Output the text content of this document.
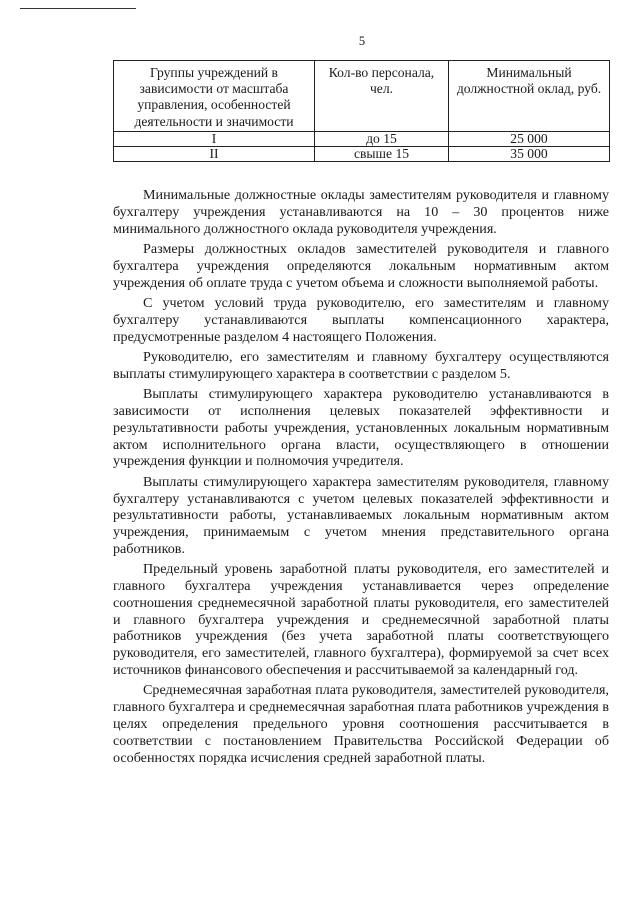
5
Группы учреждений в зависимости от масштаба управления, особенностей деятельности и значимости	Кол-во персонала, чел.	Минимальный должностной оклад, руб.
I	до 15	25 000
II	свыше 15	35 000

Минимальные должностные оклады заместителям руководителя и главному бухгалтеру учреждения устанавливаются на 10 – 30 процентов ниже минимального должностного оклада руководителя учреждения.

Размеры должностных окладов заместителей руководителя и главного бухгалтера учреждения определяются локальным нормативным актом учреждения об оплате труда с учетом объема и сложности выполняемой работы.

С учетом условий труда руководителю, его заместителям и главному бухгалтеру устанавливаются выплаты компенсационного характера, предусмотренные разделом 4 настоящего Положения.

Руководителю, его заместителям и главному бухгалтеру осуществляются выплаты стимулирующего характера в соответствии с разделом 5.

Выплаты стимулирующего характера руководителю устанавливаются в зависимости от исполнения целевых показателей эффективности и результативности работы учреждения, установленных локальным нормативным актом исполнительного органа власти, осуществляющего в отношении учреждения функции и полномочия учредителя.

Выплаты стимулирующего характера заместителям руководителя, главному бухгалтеру устанавливаются с учетом целевых показателей эффективности и результативности работы, устанавливаемых локальным нормативным актом учреждения, принимаемым с учетом мнения представительного органа работников.

Предельный уровень заработной платы руководителя, его заместителей и главного бухгалтера учреждения устанавливается через определение соотношения среднемесячной заработной платы руководителя, его заместителей и главного бухгалтера учреждения и среднемесячной заработной платы работников учреждения (без учета заработной платы соответствующего руководителя, его заместителей, главного бухгалтера), формируемой за счет всех источников финансового обеспечения и рассчитываемой за календарный год.

Среднемесячная заработная плата руководителя, заместителей руководителя, главного бухгалтера и среднемесячная заработная плата работников учреждения в целях определения предельного уровня соотношения рассчитывается в соответствии с постановлением Правительства Российской Федерации об особенностях порядка исчисления средней заработной платы.
